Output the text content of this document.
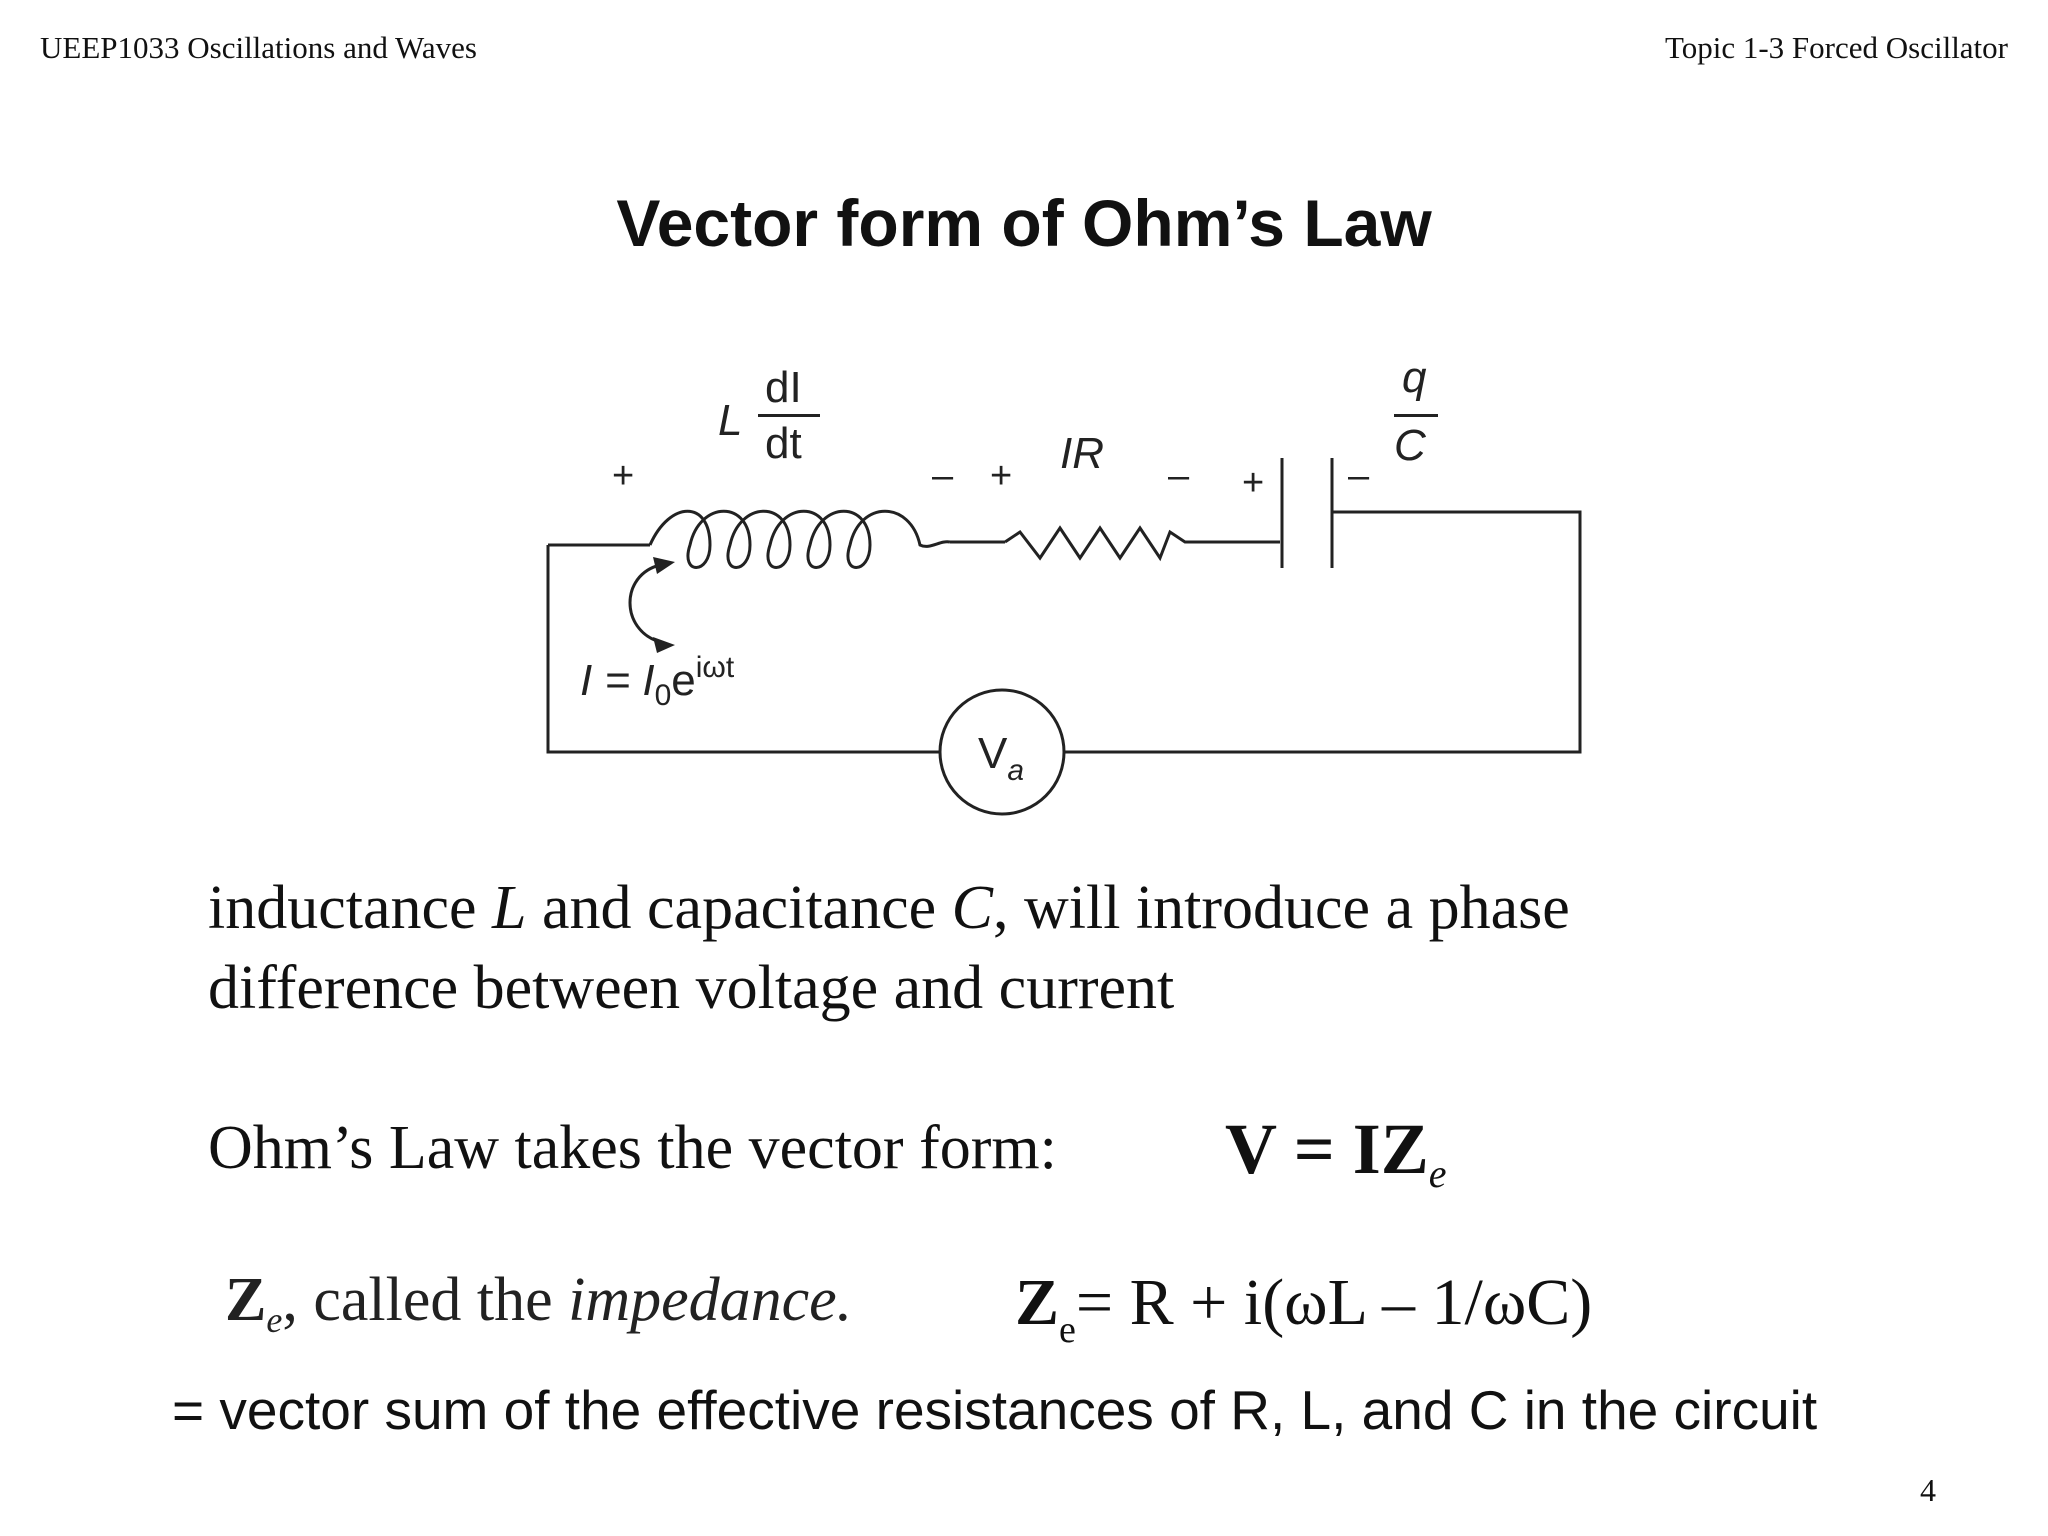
UEEP1033 Oscillations and Waves	Topic 1-3 Forced Oscillator
Vector form of Ohm’s Law
L
dI
dt	IR
q
C
+	– +	– + –
$I = I_0e^{i\omega t}$
$V_a$
inductance L and capacitance C, will introduce a phase difference between voltage and current
Ohm’s Law takes the vector form: $V = IZ_e$
$Z_e$, called the impedance. $Z_e= R + i(\omega L - 1/\omega C)$
= vector sum of the effective resistances of R, L, and C in the circuit
4
